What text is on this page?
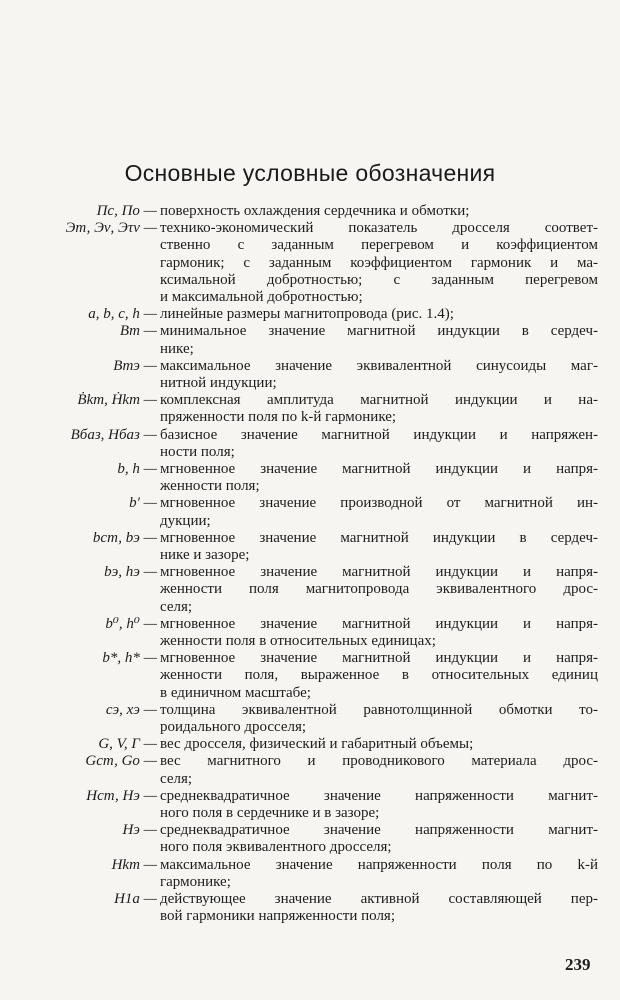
Основные условные обозначения
Пс, По — поверхность охлаждения сердечника и обмотки;
Эт, Эν, Эτν — технико-экономический показатель дросселя соответ-
ственно с заданным перегревом и коэффициентом
гармоник; с заданным коэффициентом гармоник и ма-
ксимальной добротностью; с заданным перегревом
и максимальной добротностью;
a, b, c, h — линейные размеры магнитопровода (рис. 1.4);
Bm — минимальное значение магнитной индукции в сердеч-
нике;
Bmэ — максимальное значение эквивалентной синусоиды маг-
нитной индукции;
Ḃkm, Ḣkm — комплексная амплитуда магнитной индукции и на-
пряженности поля по k-й гармонике;
Bбаз, Hбаз — базисное значение магнитной индукции и напряжен-
ности поля;
b, h — мгновенное значение магнитной индукции и напря-
женности поля;
b′ — мгновенное значение производной от магнитной ин-
дукции;
bст, bэ — мгновенное значение магнитной индукции в сердеч-
нике и зазоре;
bэ, hэ — мгновенное значение магнитной индукции и напря-
женности поля магнитопровода эквивалентного дрос-
селя;
b⁰, h⁰ — мгновенное значение магнитной индукции и напря-
женности поля в относительных единицах;
b*, h* — мгновенное значение магнитной индукции и напря-
женности поля, выраженное в относительных единиц
в единичном масштабе;
cэ, xэ — толщина эквивалентной равнотолщинной обмотки то-
роидального дросселя;
G, V, Г — вес дросселя, физический и габаритный объемы;
Gст, Gо — вес магнитного и проводникового материала дрос-
селя;
Hст, Hэ — среднеквадратичное значение напряженности магнит-
ного поля в сердечнике и в зазоре;
Hэ — среднеквадратичное значение напряженности магнит-
ного поля эквивалентного дросселя;
Hkm — максимальное значение напряженности поля по k-й
гармонике;
H1а — действующее значение активной составляющей пер-
вой гармоники напряженности поля;
239
